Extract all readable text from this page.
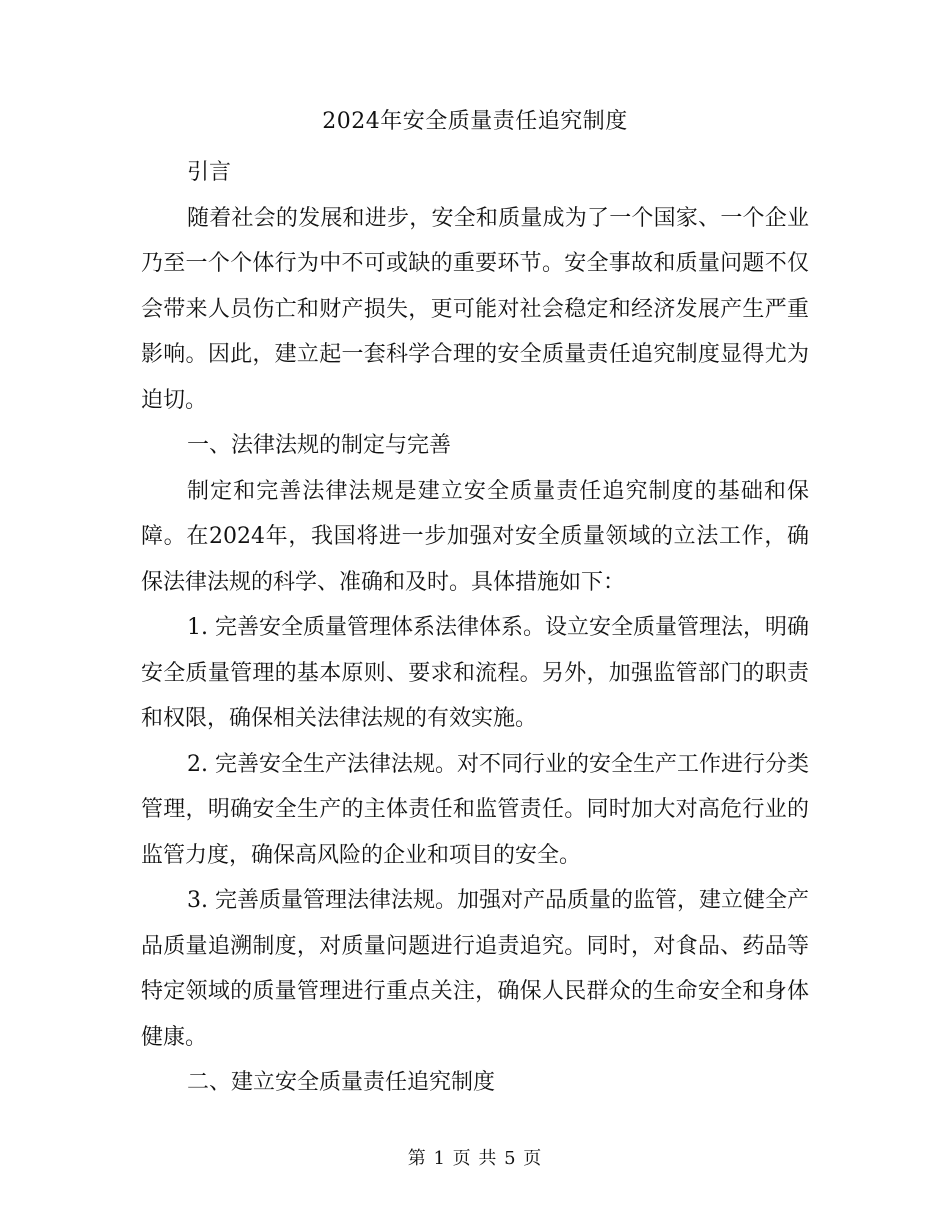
2024年安全质量责任追究制度

引言

随着社会的发展和进步，安全和质量成为了一个国家、一个企业乃至一个个体行为中不可或缺的重要环节。安全事故和质量问题不仅会带来人员伤亡和财产损失，更可能对社会稳定和经济发展产生严重影响。因此，建立起一套科学合理的安全质量责任追究制度显得尤为迫切。

一、法律法规的制定与完善

制定和完善法律法规是建立安全质量责任追究制度的基础和保障。在2024年，我国将进一步加强对安全质量领域的立法工作，确保法律法规的科学、准确和及时。具体措施如下：

1. 完善安全质量管理体系法律体系。设立安全质量管理法，明确安全质量管理的基本原则、要求和流程。另外，加强监管部门的职责和权限，确保相关法律法规的有效实施。

2. 完善安全生产法律法规。对不同行业的安全生产工作进行分类管理，明确安全生产的主体责任和监管责任。同时加大对高危行业的监管力度，确保高风险的企业和项目的安全。

3. 完善质量管理法律法规。加强对产品质量的监管，建立健全产品质量追溯制度，对质量问题进行追责追究。同时，对食品、药品等特定领域的质量管理进行重点关注，确保人民群众的生命安全和身体健康。

二、建立安全质量责任追究制度

第 1 页 共 5 页
